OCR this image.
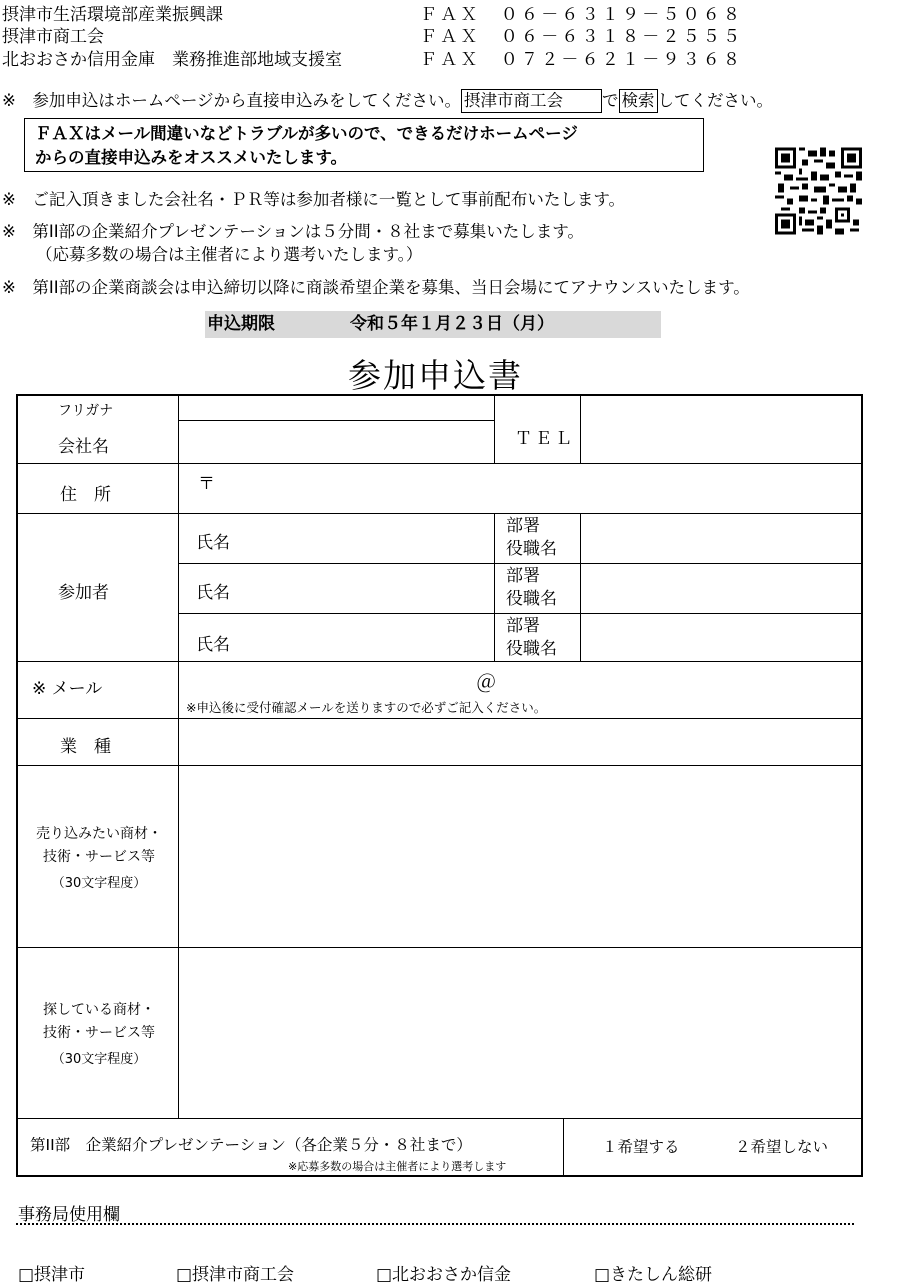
摂津市生活環境部産業振興課	ＦＡＸ　０６－６３１９－５０６８
摂津市商工会	ＦＡＸ　０６－６３１８－２５５５
北おおさか信用金庫　業務推進部地域支援室	ＦＡＸ　０７２－６２１－９３６８
※　参加申込はホームページから直接申込みをしてください。 摂津市商工会 で 検索 してください。
ＦＡＸはメール間違いなどトラブルが多いので、できるだけホームページ
からの直接申込みをオススメいたします。
※　ご記入頂きました会社名・ＰＲ等は参加者様に一覧として事前配布いたします。
※　第II部の企業紹介プレゼンテーションは５分間・８社まで募集いたします。
（応募多数の場合は主催者により選考いたします。）
※　第II部の企業商談会は申込締切以降に商談希望企業を募集、当日会場にてアナウンスいたします。
申込期限	令和５年１月２３日（月）
参加申込書
フリガナ
会社名	ＴＥＬ
住　所
〒
参加者
氏名
部署
役職名
氏名
部署
役職名
氏名
部署
役職名
※ メール	＠
※申込後に受付確認メールを送りますので必ずご記入ください。
業　種
売り込みたい商材・
技術・サービス等
（30文字程度）
探している商材・
技術・サービス等
（30文字程度）
第II部　企業紹介プレゼンテーション（各企業５分・８社まで）
※応募多数の場合は主催者により選考します
１希望する	２希望しない
事務局使用欄
□摂津市	□摂津市商工会	□北おおさか信金	□きたしん総研
